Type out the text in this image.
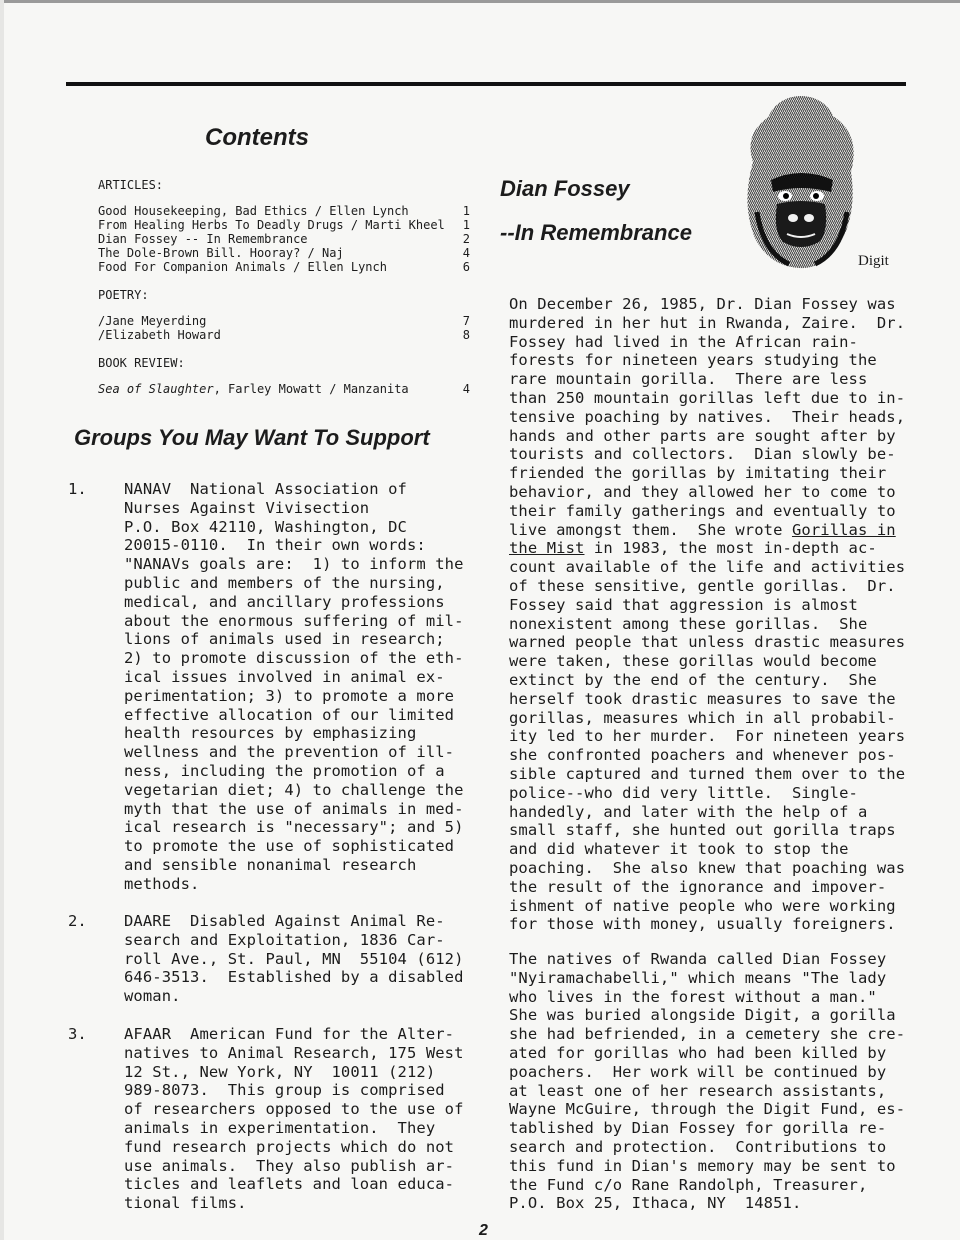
Contents
ARTICLES:
Good Housekeeping, Bad Ethics / Ellen Lynch	1
From Healing Herbs To Deadly Drugs / Marti Kheel	1
Dian Fossey -- In Remembrance	2
The Dole-Brown Bill. Hooray? / Naj	4
Food For Companion Animals / Ellen Lynch	6
POETRY:
/Jane Meyerding	7
/Elizabeth Howard	8
BOOK REVIEW:
Sea of Slaughter, Farley Mowatt / Manzanita	4
Groups You May Want To Support

1.

	NANAV  National Association of
Nurses Against Vivisection
P.O. Box 42110, Washington, DC
20015-0110.  In their own words:
"NANAVs goals are:  1) to inform the
public and members of the nursing,
medical, and ancillary professions
about the enormous suffering of mil-
lions of animals used in research;
2) to promote discussion of the eth-
ical issues involved in animal ex-
perimentation; 3) to promote a more
effective allocation of our limited
health resources by emphasizing
wellness and the prevention of ill-
ness, including the promotion of a
vegetarian diet; 4) to challenge the
myth that the use of animals in med-
ical research is "necessary"; and 5)
to promote the use of sophisticated
and sensible nonanimal research
methods.

2.

	DAARE  Disabled Against Animal Re-
search and Exploitation, 1836 Car-
roll Ave., St. Paul, MN  55104 (612)
646-3513.  Established by a disabled
woman.

3.

	AFAAR  American Fund for the Alter-
natives to Animal Research, 175 West
12 St., New York, NY  10011 (212)
989-8073.  This group is comprised
of researchers opposed to the use of
animals in experimentation.  They
fund research projects which do not
use animals.  They also publish ar-
ticles and leaflets and loan educa-
tional films.

Dian Fossey
--In Remembrance
Digit
On December 26, 1985, Dr. Dian Fossey was
murdered in her hut in Rwanda, Zaire.  Dr.
Fossey had lived in the African rain-
forests for nineteen years studying the
rare mountain gorilla.  There are less
than 250 mountain gorillas left due to in-
tensive poaching by natives.  Their heads,
hands and other parts are sought after by
tourists and collectors.  Dian slowly be-
friended the gorillas by imitating their
behavior, and they allowed her to come to
their family gatherings and eventually to
live amongst them.  She wrote Gorillas in
the Mist in 1983, the most in-depth ac-
count available of the life and activities
of these sensitive, gentle gorillas.  Dr.
Fossey said that aggression is almost
nonexistent among these gorillas.  She
warned people that unless drastic measures
were taken, these gorillas would become
extinct by the end of the century.  She
herself took drastic measures to save the
gorillas, measures which in all probabil-
ity led to her murder.  For nineteen years
she confronted poachers and whenever pos-
sible captured and turned them over to the
police--who did very little.  Single-
handedly, and later with the help of a
small staff, she hunted out gorilla traps
and did whatever it took to stop the
poaching.  She also knew that poaching was
the result of the ignorance and impover-
ishment of native people who were working
for those with money, usually foreigners.
The natives of Rwanda called Dian Fossey
"Nyiramachabelli," which means "The lady
who lives in the forest without a man."
She was buried alongside Digit, a gorilla
she had befriended, in a cemetery she cre-
ated for gorillas who had been killed by
poachers.  Her work will be continued by
at least one of her research assistants,
Wayne McGuire, through the Digit Fund, es-
tablished by Dian Fossey for gorilla re-
search and protection.  Contributions to
this fund in Dian's memory may be sent to
the Fund c/o Rane Randolph, Treasurer,
P.O. Box 25, Ithaca, NY  14851.
2
